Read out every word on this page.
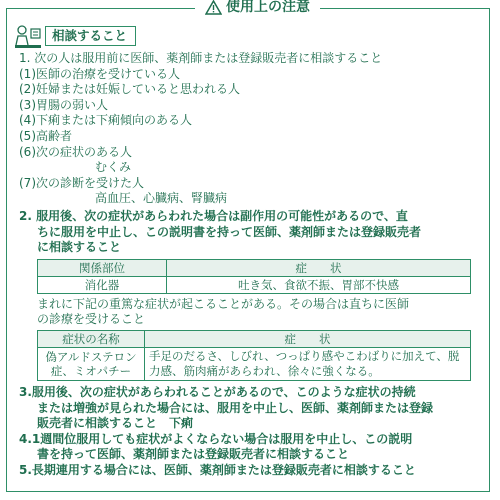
使用上の注意
相談すること
1. 次の人は服用前に医師、薬剤師または登録販売者に相談すること
(1)医師の治療を受けている人
(2)妊婦または妊娠していると思われる人
(3)胃腸の弱い人
(4)下痢または下痢傾向のある人
(5)高齢者
(6)次の症状のある人
むくみ
(7)次の診断を受けた人
高血圧、心臓病、腎臓病
2. 服用後、次の症状があらわれた場合は副作用の可能性があるので、直
ちに服用を中止し、この説明書を持って医師、薬剤師または登録販売者
に相談すること
関係部位	症　　状
消化器	吐き気、食欲不振、胃部不快感
まれに下記の重篤な症状が起こることがある。その場合は直ちに医師
の診療を受けること
症状の名称	症　　状
偽アルドステロン症、ミオパチー	手足のだるさ、しびれ、つっぱり感やこわばりに加えて、脱力感、筋肉痛があらわれ、徐々に強くなる。
3.服用後、次の症状があらわれることがあるので、このような症状の持続
または増強が見られた場合には、服用を中止し、医師、薬剤師または登録
販売者に相談すること　下痢
4.1週間位服用しても症状がよくならない場合は服用を中止し、この説明
書を持って医師、薬剤師または登録販売者に相談すること
5.長期連用する場合には、医師、薬剤師または登録販売者に相談すること
